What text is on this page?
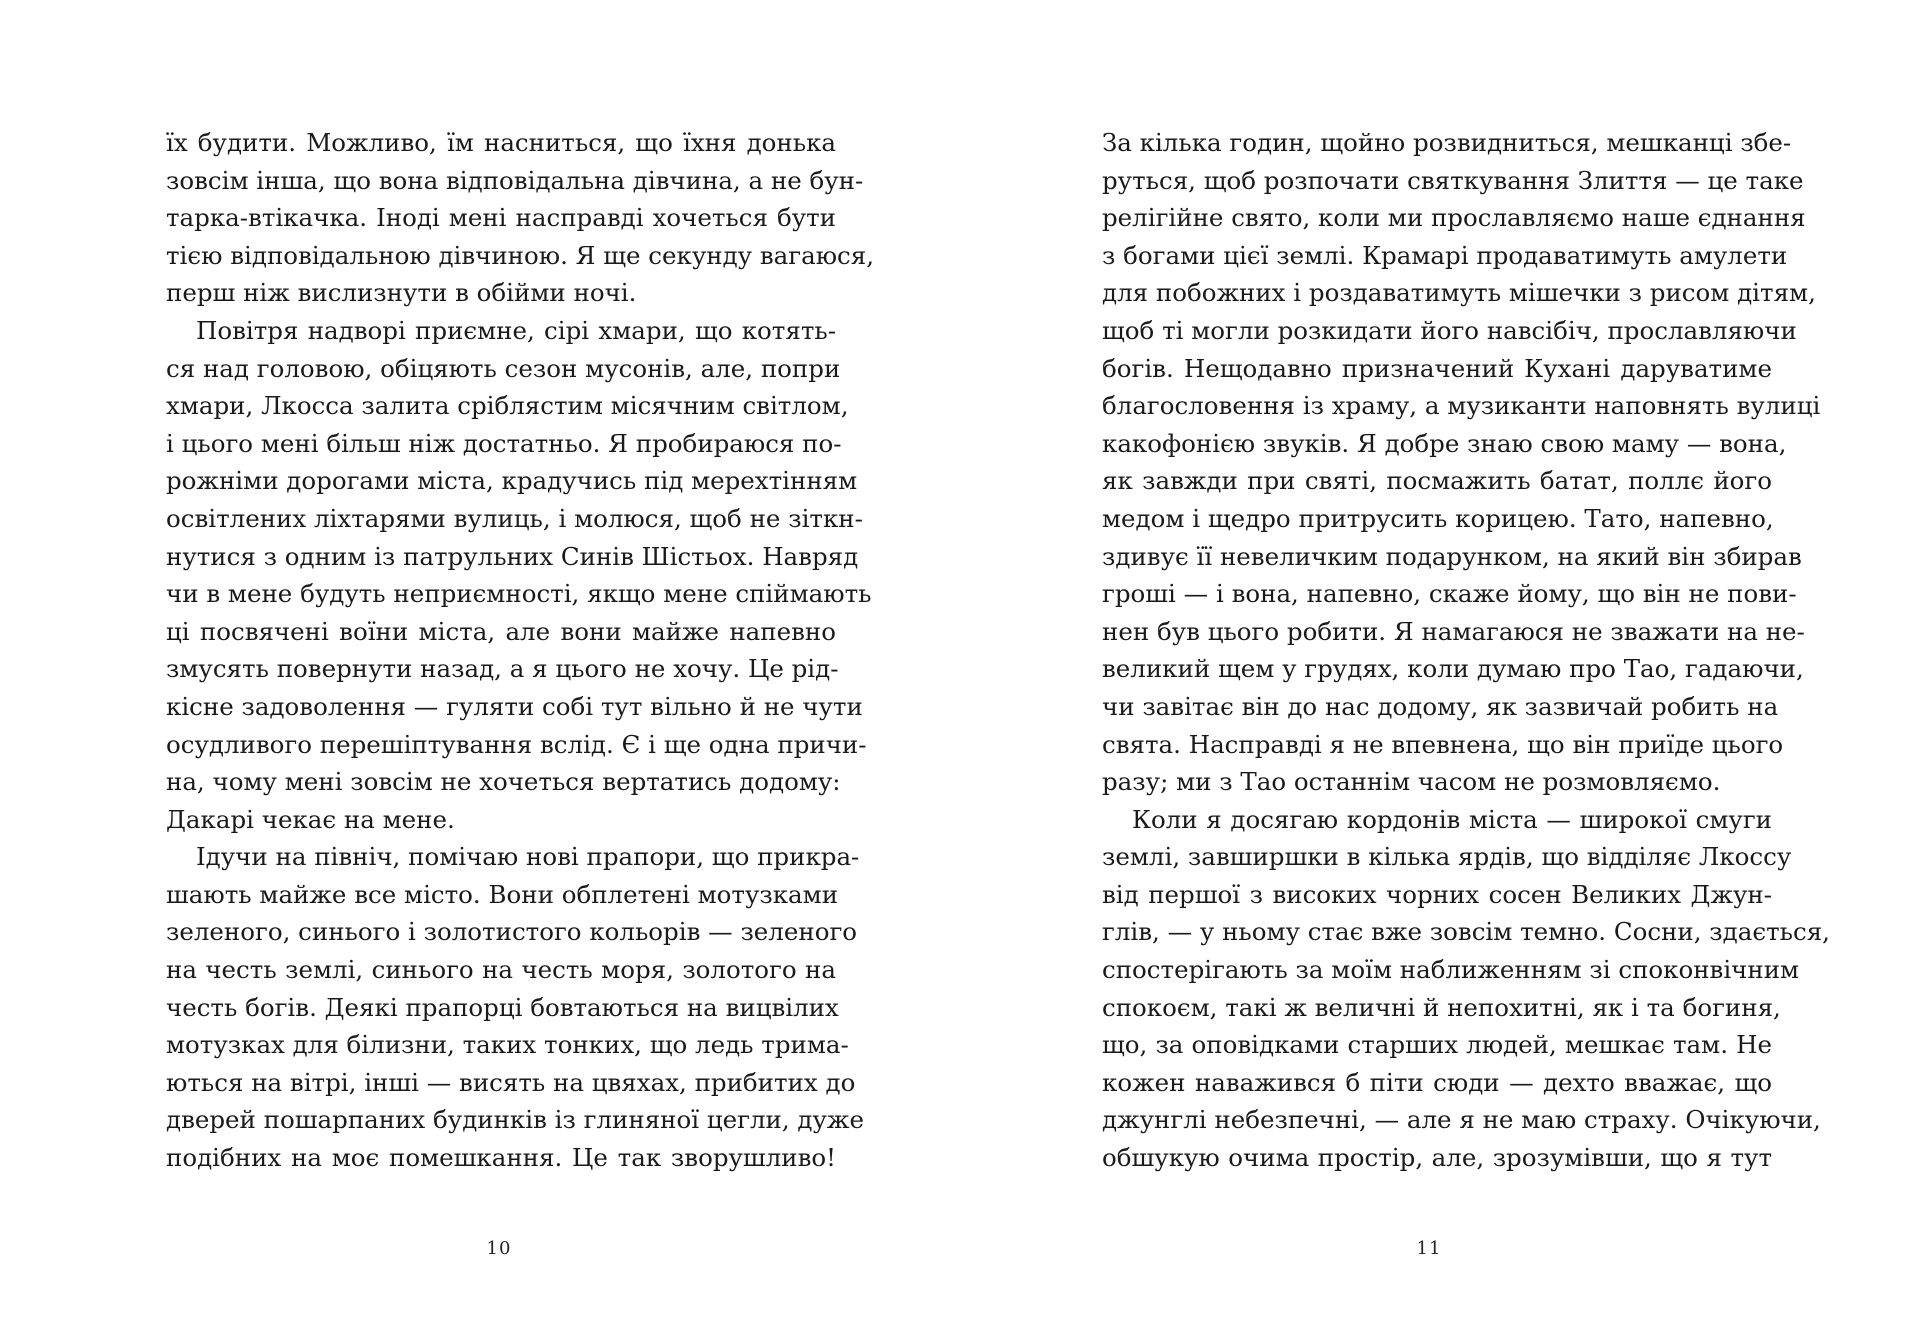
їх будити. Можливо, їм насниться, що їхня донька
зовсім інша, що вона відповідальна дівчина, а не бун-
тарка-втікачка. Іноді мені насправді хочеться бути
тією відповідальною дівчиною. Я ще секунду вагаюся,
перш ніж вислизнути в обійми ночі.
Повітря надворі приємне, сірі хмари, що котять-
ся над головою, обіцяють сезон мусонів, але, попри
хмари, Лкосса залита сріблястим місячним світлом,
і цього мені більш ніж достатньо. Я пробираюся по-
рожніми дорогами міста, крадучись під мерехтінням
освітлених ліхтарями вулиць, і молюся, щоб не зіткн-
нутися з одним із патрульних Синів Шістьох. Навряд
чи в мене будуть неприємності, якщо мене спіймають
ці посвячені воїни міста, але вони майже напевно
змусять повернути назад, а я цього не хочу. Це рід-
кісне задоволення — гуляти собі тут вільно й не чути
осудливого перешіптування вслід. Є і ще одна причи-
на, чому мені зовсім не хочеться вертатись додому:
Дакарі чекає на мене.
Ідучи на північ, помічаю нові прапори, що прикра-
шають майже все місто. Вони обплетені мотузками
зеленого, синього і золотистого кольорів — зеленого
на честь землі, синього на честь моря, золотого на
честь богів. Деякі прапорці бовтаються на вицвілих
мотузках для білизни, таких тонких, що ледь трима-
ються на вітрі, інші — висять на цвяхах, прибитих до
дверей пошарпаних будинків із глиняної цегли, дуже
подібних на моє помешкання. Це так зворушливо!
10
За кілька годин, щойно розвидниться, мешканці збе-
руться, щоб розпочати святкування Злиття — це таке
релігійне свято, коли ми прославляємо наше єднання
з богами цієї землі. Крамарі продаватимуть амулети
для побожних і роздаватимуть мішечки з рисом дітям,
щоб ті могли розкидати його навсібіч, прославляючи
богів. Нещодавно призначений Кухані даруватиме
благословення із храму, а музиканти наповнять вулиці
какофонією звуків. Я добре знаю свою маму — вона,
як завжди при святі, посмажить батат, поллє його
медом і щедро притрусить корицею. Тато, напевно,
здивує її невеличким подарунком, на який він збирав
гроші — і вона, напевно, скаже йому, що він не пови-
нен був цього робити. Я намагаюся не зважати на не-
великий щем у грудях, коли думаю про Тао, гадаючи,
чи завітає він до нас додому, як зазвичай робить на
свята. Насправді я не впевнена, що він приїде цього
разу; ми з Тао останнім часом не розмовляємо.
Коли я досягаю кордонів міста — широкої смуги
землі, завширшки в кілька ярдів, що відділяє Лкоссу
від першої з високих чорних сосен Великих Джун-
глів, — у ньому стає вже зовсім темно. Сосни, здається,
спостерігають за моїм наближенням зі споконвічним
спокоєм, такі ж величні й непохитні, як і та богиня,
що, за оповідками старших людей, мешкає там. Не
кожен наважився б піти сюди — дехто вважає, що
джунглі небезпечні, — але я не маю страху. Очікуючи,
обшукую очима простір, але, зрозумівши, що я тут
11
